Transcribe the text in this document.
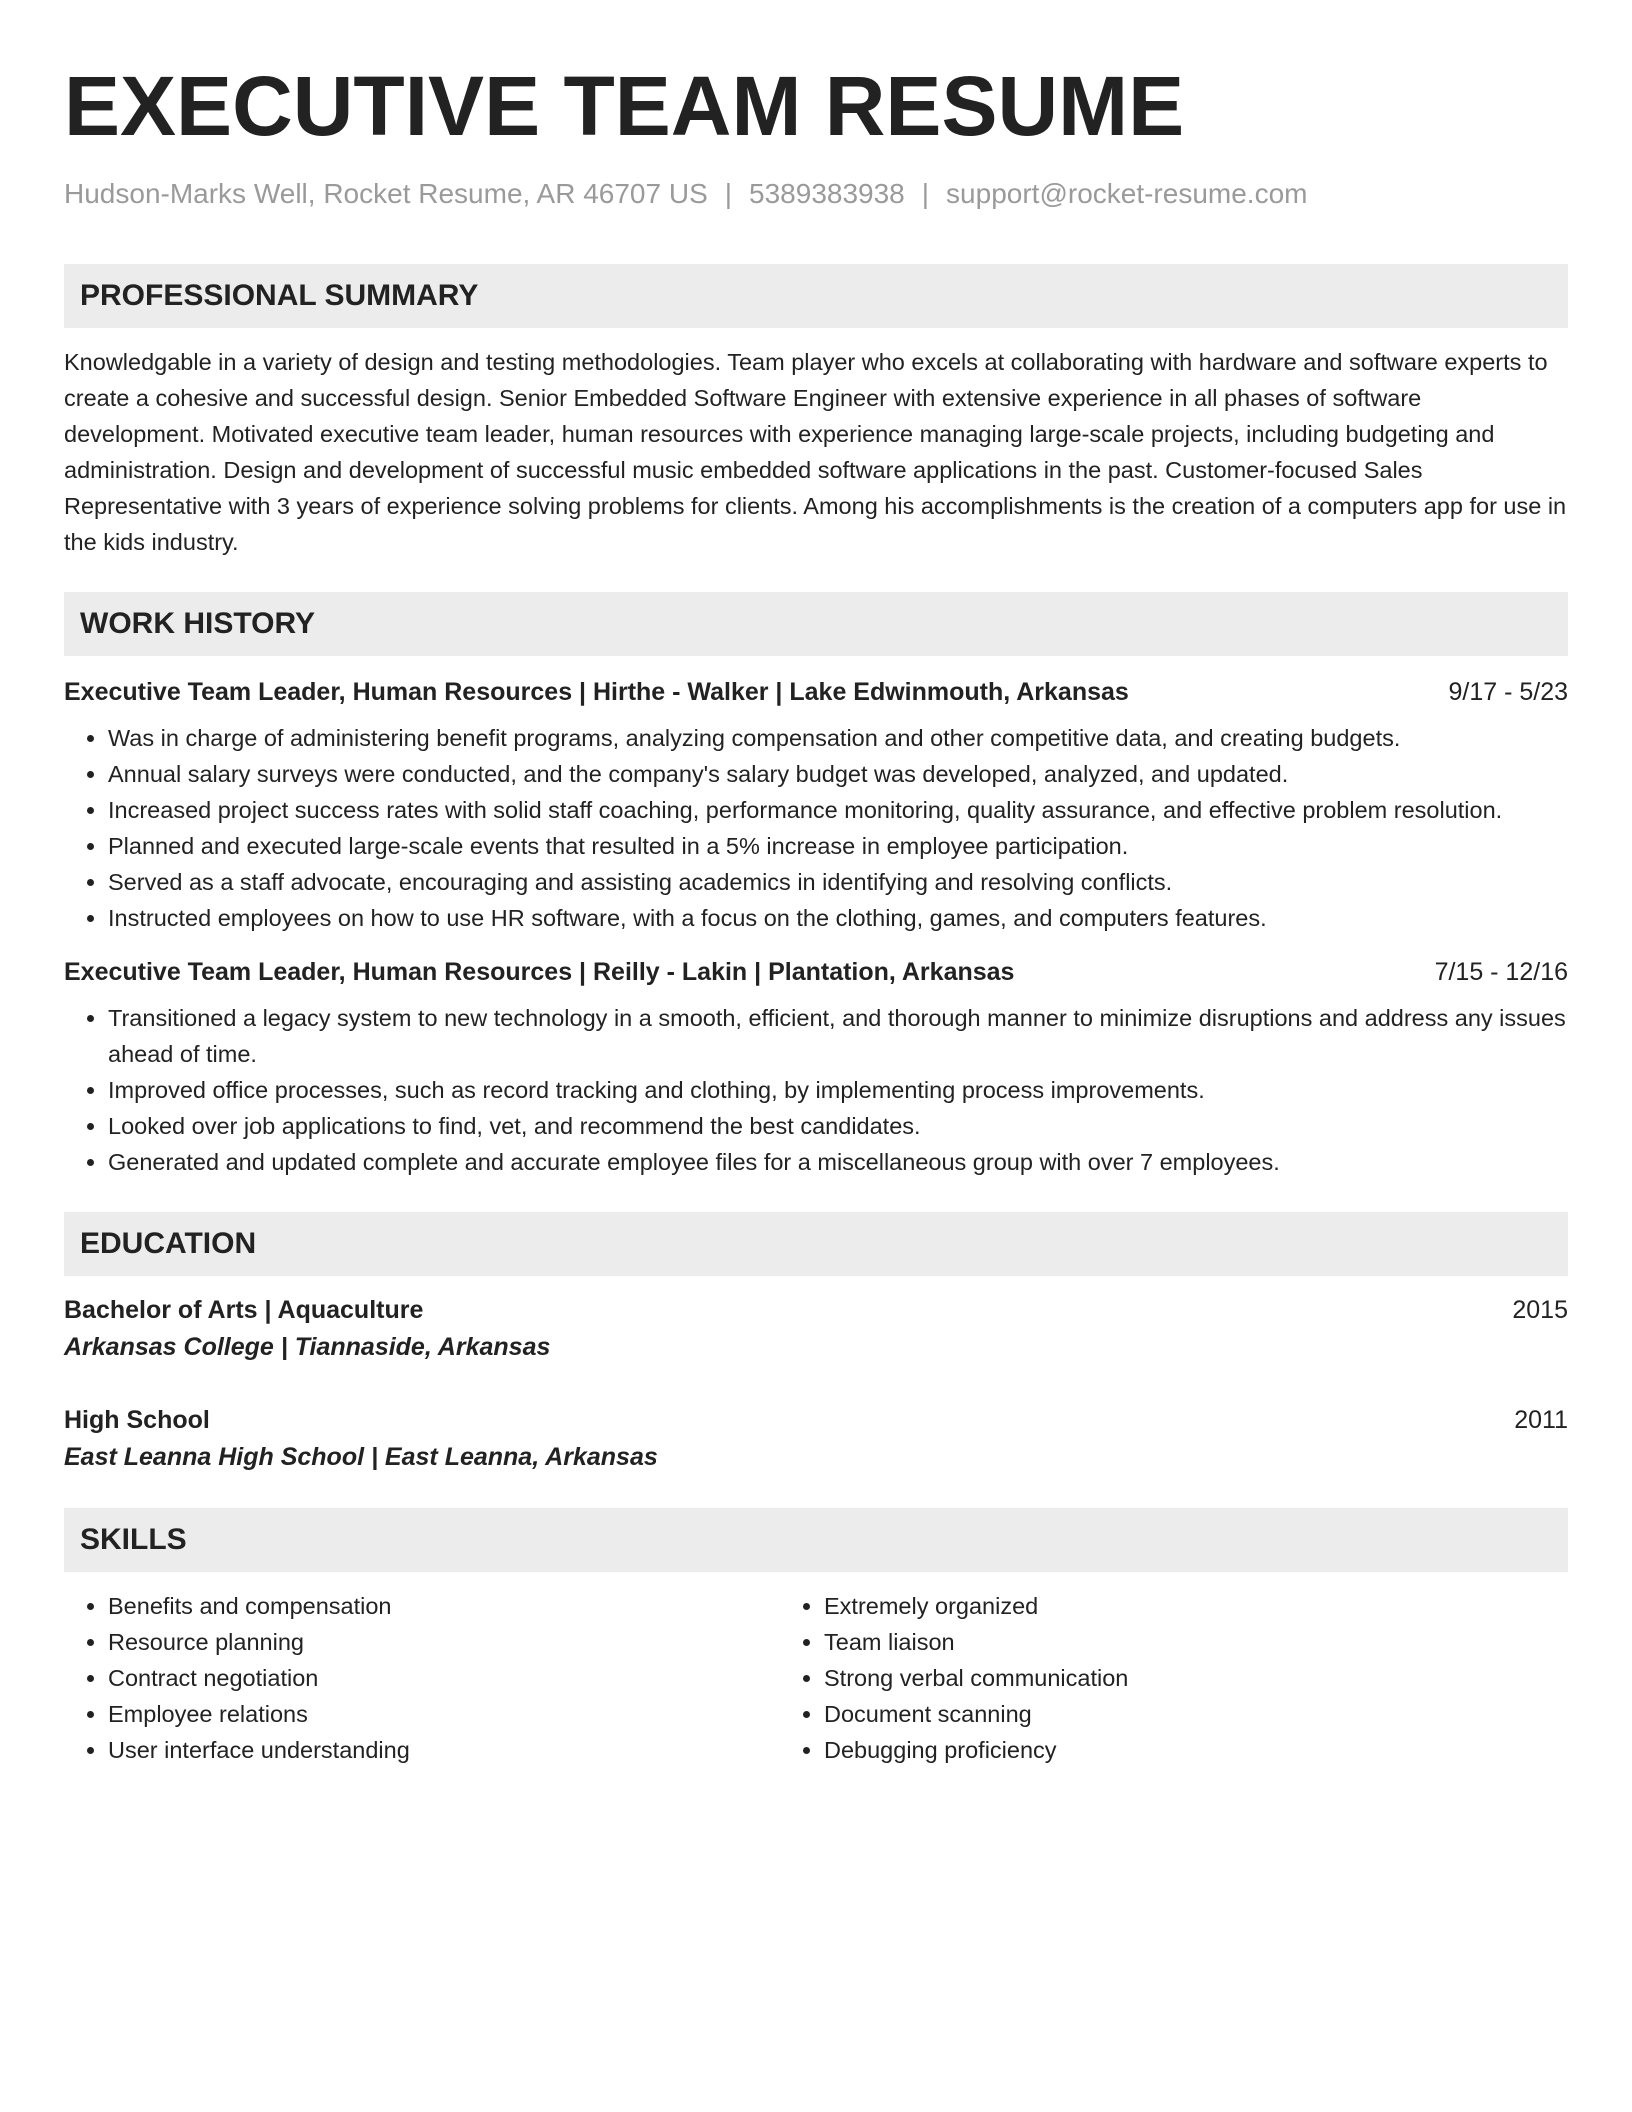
EXECUTIVE TEAM RESUME
Hudson-Marks Well, Rocket Resume, AR 46707 US | 5389383938 | support@rocket-resume.com
PROFESSIONAL SUMMARY
Knowledgable in a variety of design and testing methodologies. Team player who excels at collaborating with hardware and software experts to create a cohesive and successful design. Senior Embedded Software Engineer with extensive experience in all phases of software development. Motivated executive team leader, human resources with experience managing large-scale projects, including budgeting and administration. Design and development of successful music embedded software applications in the past. Customer-focused Sales Representative with 3 years of experience solving problems for clients. Among his accomplishments is the creation of a computers app for use in the kids industry.
WORK HISTORY
Executive Team Leader, Human Resources | Hirthe - Walker | Lake Edwinmouth, Arkansas	9/17 - 5/23
• Was in charge of administering benefit programs, analyzing compensation and other competitive data, and creating budgets.
• Annual salary surveys were conducted, and the company's salary budget was developed, analyzed, and updated.
• Increased project success rates with solid staff coaching, performance monitoring, quality assurance, and effective problem resolution.
• Planned and executed large-scale events that resulted in a 5% increase in employee participation.
• Served as a staff advocate, encouraging and assisting academics in identifying and resolving conflicts.
• Instructed employees on how to use HR software, with a focus on the clothing, games, and computers features.
Executive Team Leader, Human Resources | Reilly - Lakin | Plantation, Arkansas	7/15 - 12/16
• Transitioned a legacy system to new technology in a smooth, efficient, and thorough manner to minimize disruptions and address any issues ahead of time.
• Improved office processes, such as record tracking and clothing, by implementing process improvements.
• Looked over job applications to find, vet, and recommend the best candidates.
• Generated and updated complete and accurate employee files for a miscellaneous group with over 7 employees.
EDUCATION
Bachelor of Arts | Aquaculture	2015
Arkansas College | Tiannaside, Arkansas
High School	2011
East Leanna High School | East Leanna, Arkansas
SKILLS
• Benefits and compensation
• Resource planning
• Contract negotiation
• Employee relations
• User interface understanding
• Extremely organized
• Team liaison
• Strong verbal communication
• Document scanning
• Debugging proficiency
